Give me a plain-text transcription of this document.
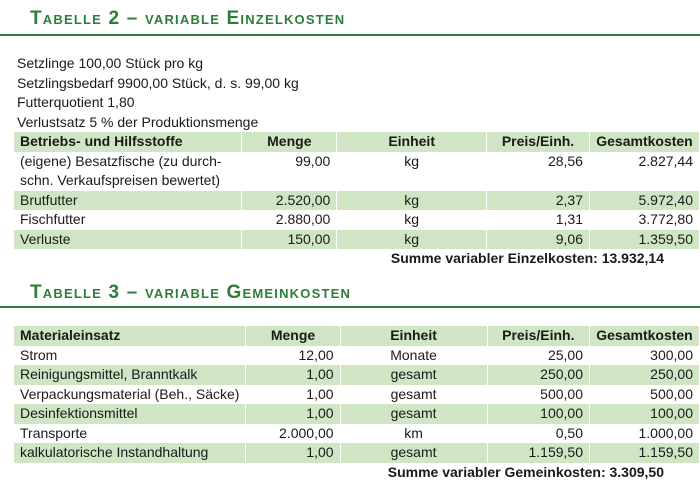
Tabelle 2 – variable Einzelkosten
Setzlinge 100,00 Stück pro kg
Setzlingsbedarf 9900,00 Stück, d. s. 99,00 kg
Futterquotient 1,80
Verlustsatz 5 % der Produktionsmenge
Betriebs- und Hilfsstoffe	Menge	Einheit	Preis/Einh.	Gesamtkosten
(eigene) Besatzfische (zu durch-schn. Verkaufspreisen bewertet)	99,00	kg	28,56	2.827,44
Brutfutter	2.520,00	kg	2,37	5.972,40
Fischfutter	2.880,00	kg	1,31	3.772,80
Verluste	150,00	kg	9,06	1.359,50
Summe variabler Einzelkosten: 13.932,14
Tabelle 3 – variable Gemeinkosten
Materialeinsatz	Menge	Einheit	Preis/Einh.	Gesamtkosten
Strom	12,00	Monate	25,00	300,00
Reinigungsmittel, Branntkalk	1,00	gesamt	250,00	250,00
Verpackungsmaterial (Beh., Säcke)	1,00	gesamt	500,00	500,00
Desinfektionsmittel	1,00	gesamt	100,00	100,00
Transporte	2.000,00	km	0,50	1.000,00
kalkulatorische Instandhaltung	1,00	gesamt	1.159,50	1.159,50
Summe variabler Gemeinkosten: 3.309,50
